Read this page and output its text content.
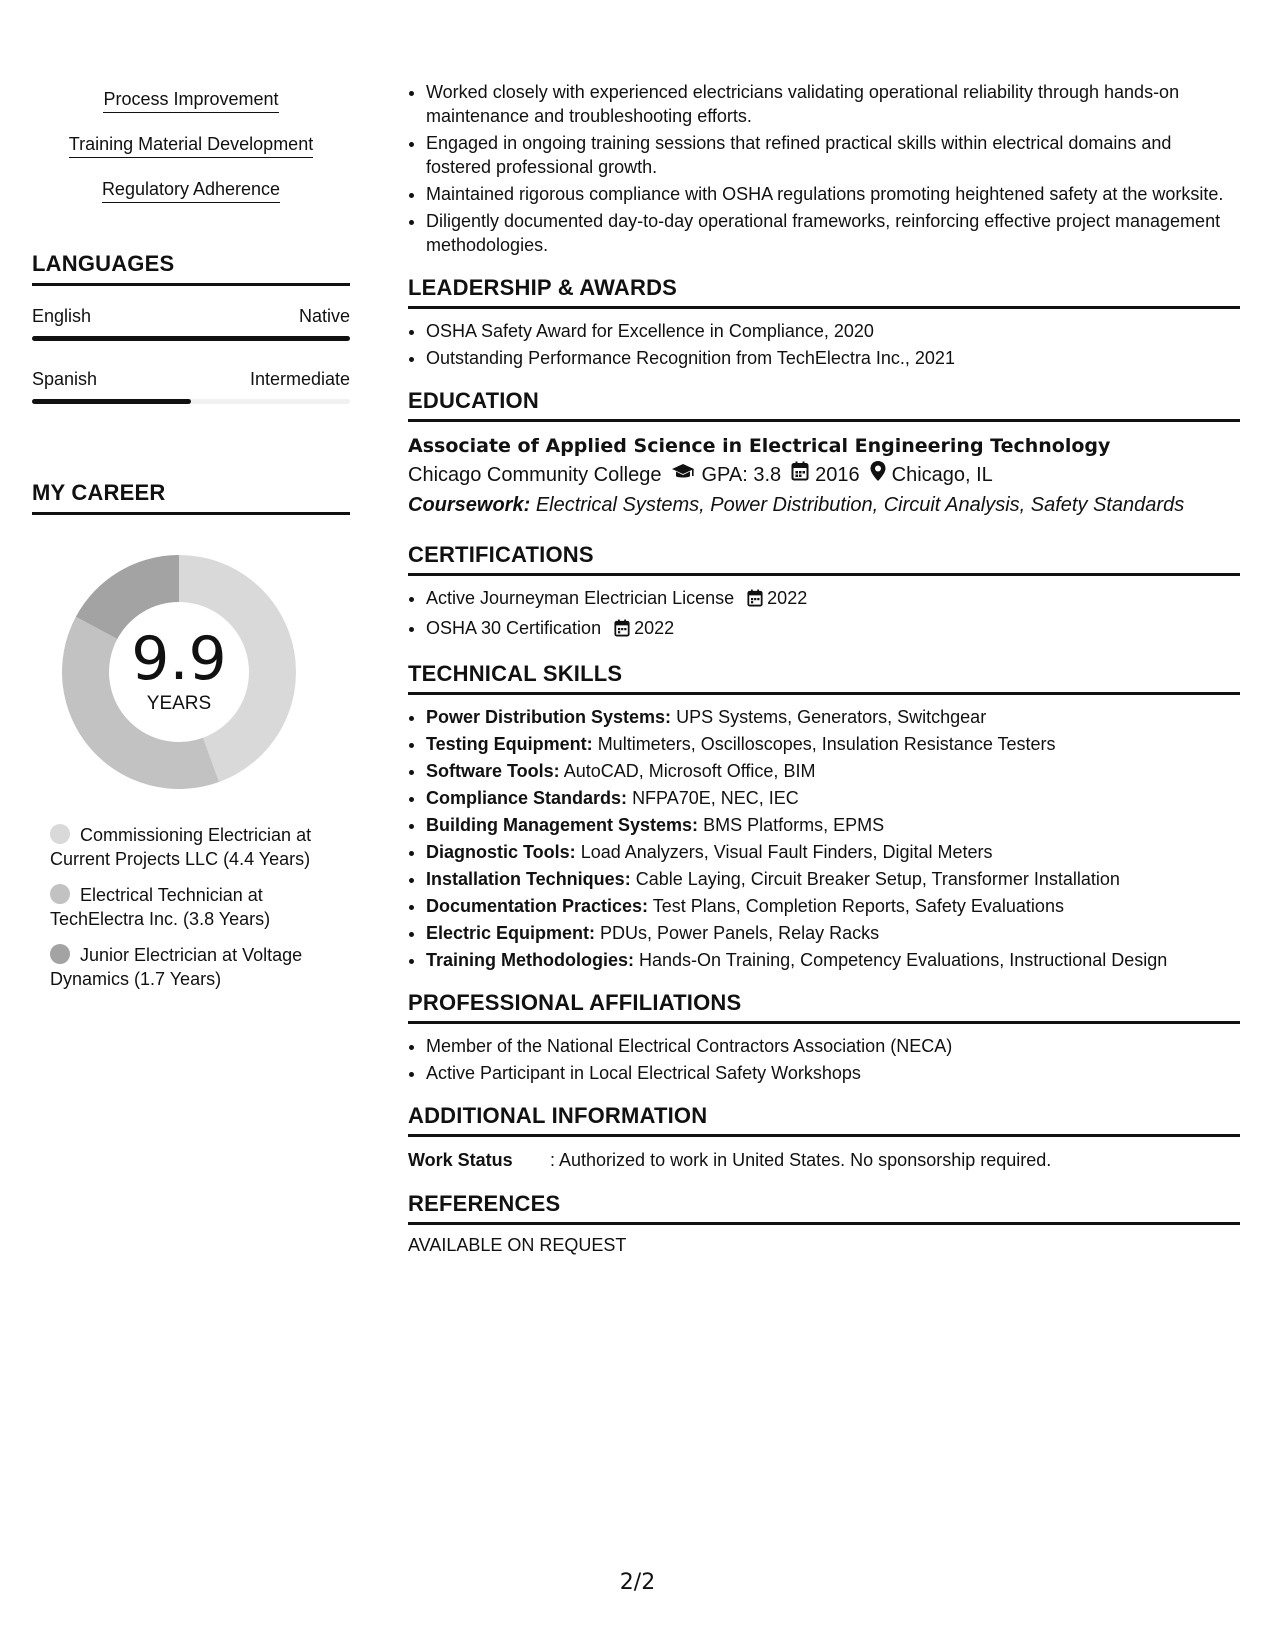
Process Improvement
Training Material Development
Regulatory Adherence
LANGUAGES
English	Native
Spanish	Intermediate
MY CAREER
9.9
YEARS
Commissioning Electrician at Current Projects LLC (4.4 Years)
Electrical Technician at TechElectra Inc. (3.8 Years)
Junior Electrician at Voltage Dynamics (1.7 Years)
• Worked closely with experienced electricians validating operational reliability through hands-on maintenance and troubleshooting efforts.
• Engaged in ongoing training sessions that refined practical skills within electrical domains and fostered professional growth.
• Maintained rigorous compliance with OSHA regulations promoting heightened safety at the worksite.
• Diligently documented day-to-day operational frameworks, reinforcing effective project management methodologies.
LEADERSHIP & AWARDS
• OSHA Safety Award for Excellence in Compliance, 2020
• Outstanding Performance Recognition from TechElectra Inc., 2021
EDUCATION
Associate of Applied Science in Electrical Engineering Technology
Chicago Community College GPA: 3.8 2016 Chicago, IL
Coursework: Electrical Systems, Power Distribution, Circuit Analysis, Safety Standards
CERTIFICATIONS
• Active Journeyman Electrician License 2022
• OSHA 30 Certification 2022
TECHNICAL SKILLS
• Power Distribution Systems: UPS Systems, Generators, Switchgear
• Testing Equipment: Multimeters, Oscilloscopes, Insulation Resistance Testers
• Software Tools: AutoCAD, Microsoft Office, BIM
• Compliance Standards: NFPA70E, NEC, IEC
• Building Management Systems: BMS Platforms, EPMS
• Diagnostic Tools: Load Analyzers, Visual Fault Finders, Digital Meters
• Installation Techniques: Cable Laying, Circuit Breaker Setup, Transformer Installation
• Documentation Practices: Test Plans, Completion Reports, Safety Evaluations
• Electric Equipment: PDUs, Power Panels, Relay Racks
• Training Methodologies: Hands-On Training, Competency Evaluations, Instructional Design
PROFESSIONAL AFFILIATIONS
• Member of the National Electrical Contractors Association (NECA)
• Active Participant in Local Electrical Safety Workshops
ADDITIONAL INFORMATION
Work Status	: Authorized to work in United States. No sponsorship required.
REFERENCES
AVAILABLE ON REQUEST
2/2
